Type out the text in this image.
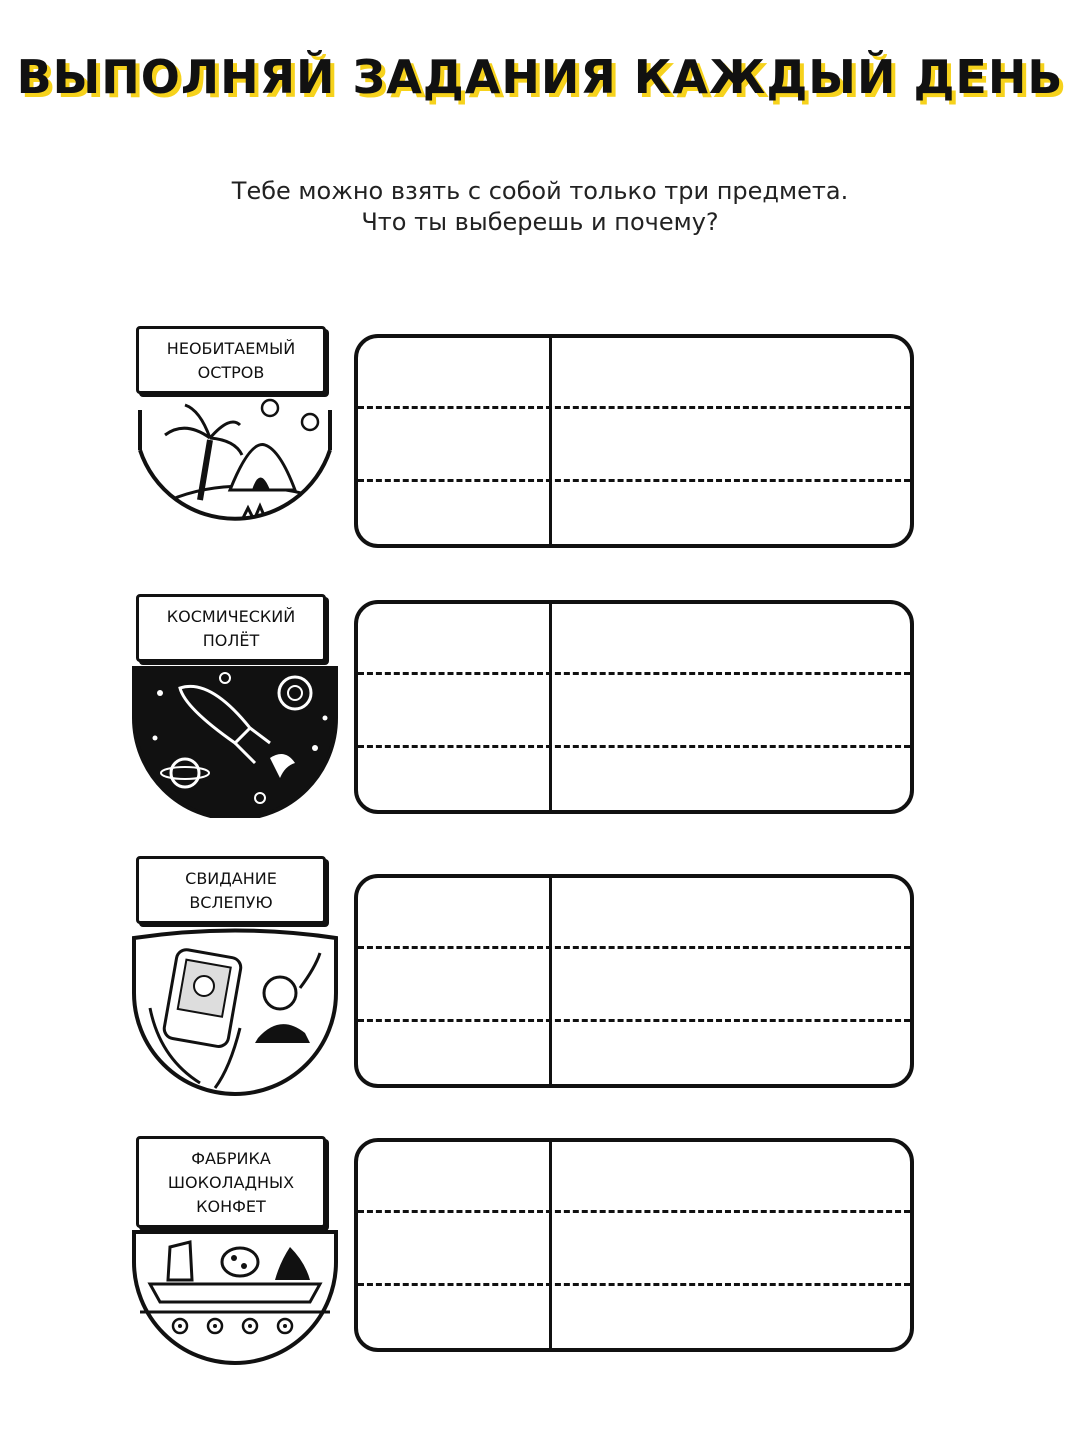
ВЫПОЛНЯЙ ЗАДАНИЯ КАЖДЫЙ ДЕНЬ
Тебе можно взять с собой только три предмета.
Что ты выберешь и почему?
НЕОБИТАЕМЫЙ
ОСТРОВ
КОСМИЧЕСКИЙ
ПОЛЁТ
СВИДАНИЕ
ВСЛЕПУЮ
ФАБРИКА
ШОКОЛАДНЫХ
КОНФЕТ
